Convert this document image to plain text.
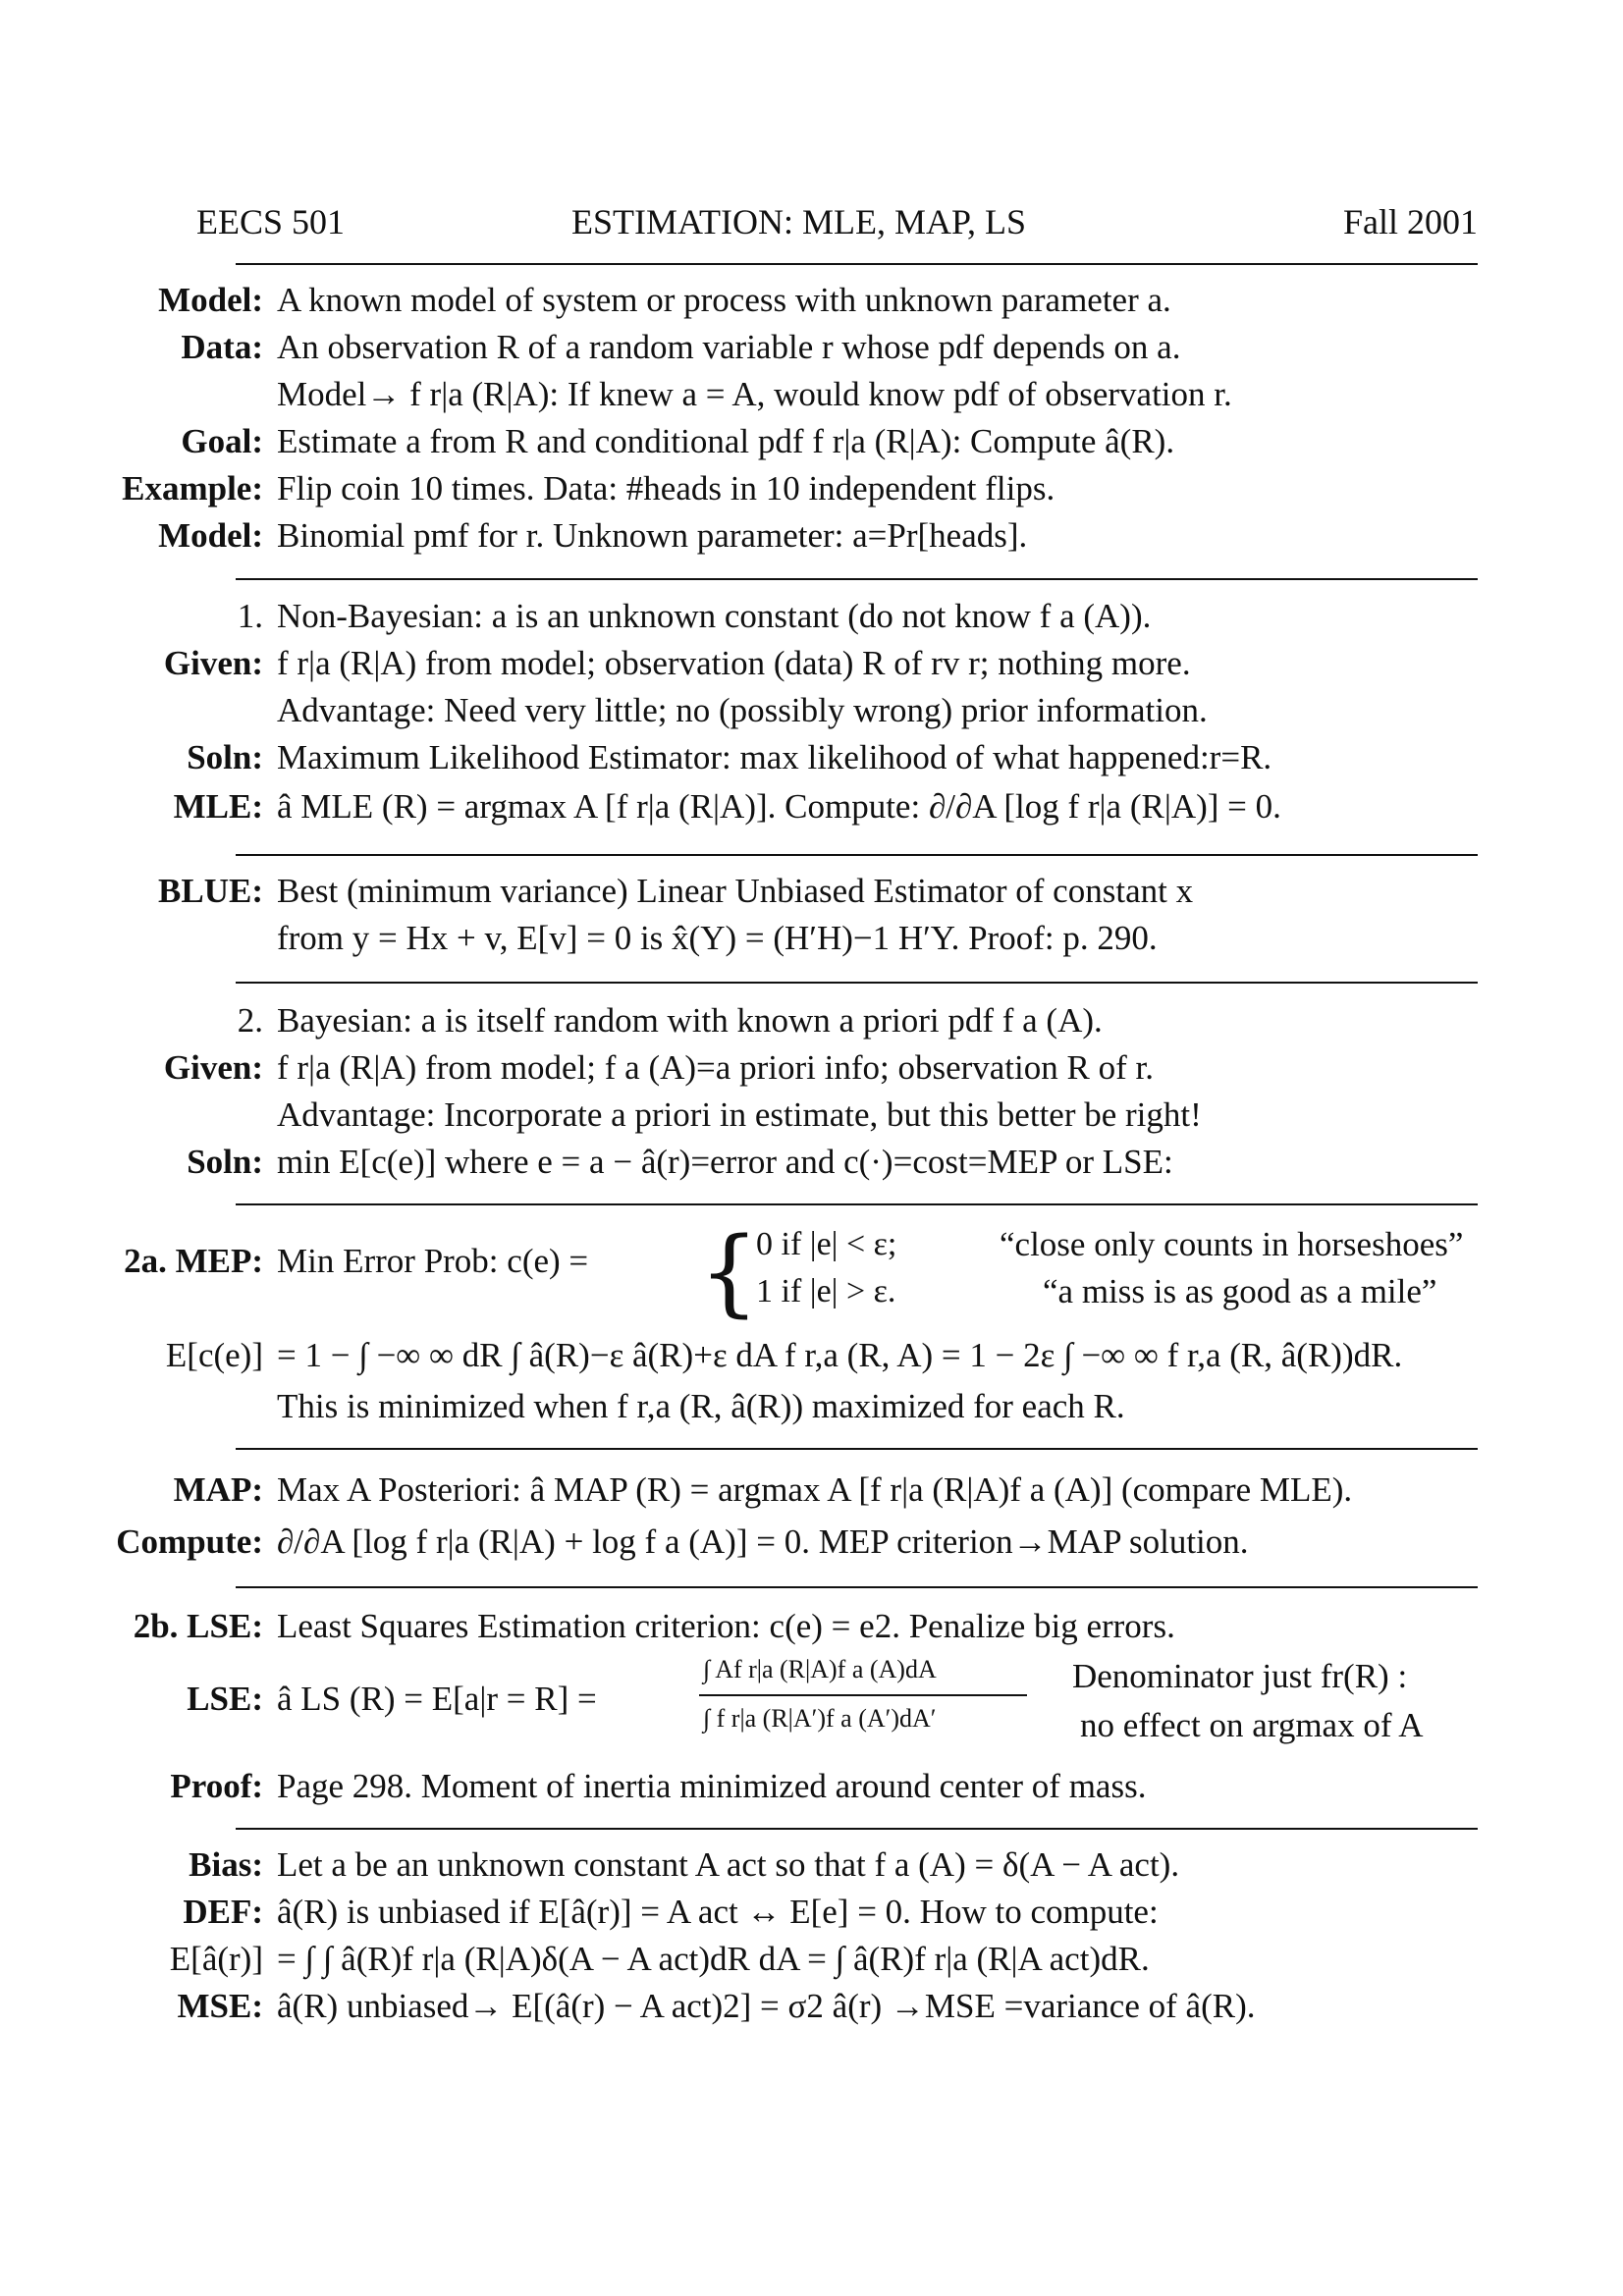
EECS 501	ESTIMATION: MLE, MAP, LS	Fall 2001
Model: A known model of system or process with unknown parameter a.
Data: An observation R of a random variable r whose pdf depends on a.
Model→ f r|a (R|A): If knew a = A, would know pdf of observation r.
Goal: Estimate a from R and conditional pdf f r|a (R|A): Compute â(R).
Example: Flip coin 10 times. Data: #heads in 10 independent flips.
Model: Binomial pmf for r. Unknown parameter: a=Pr[heads].
1. Non-Bayesian: a is an unknown constant (do not know f a (A)).
Given: f r|a (R|A) from model; observation (data) R of rv r; nothing more.
Advantage: Need very little; no (possibly wrong) prior information.
Soln: Maximum Likelihood Estimator: max likelihood of what happened:r=R.
MLE: â MLE (R) = argmax A [f r|a (R|A)]. Compute: ∂/∂A [log f r|a (R|A)] = 0.
BLUE: Best (minimum variance) Linear Unbiased Estimator of constant x
from y = Hx + v, E[v] = 0 is x̂(Y) = (H′H)−1 H′Y. Proof: p. 290.
2. Bayesian: a is itself random with known a priori pdf f a (A).
Given: f r|a (R|A) from model; f a (A)=a priori info; observation R of r.
Advantage: Incorporate a priori in estimate, but this better be right!
Soln: min E[c(e)] where e = a − â(r)=error and c(·)=cost=MEP or LSE:
2a. MEP: Min Error Prob: c(e) = {
0 if |e| < ε;
1 if |e| > ε.
“close only counts in horseshoes”
“a miss is as good as a mile”
E[c(e)] = 1 − ∫ −∞ ∞ dR ∫ â(R)−ε â(R)+ε dA f r,a (R, A) = 1 − 2ε ∫ −∞ ∞ f r,a (R, â(R))dR.
This is minimized when f r,a (R, â(R)) maximized for each R.
MAP: Max A Posteriori: â MAP (R) = argmax A [f r|a (R|A)f a (A)] (compare MLE).
Compute: ∂/∂A [log f r|a (R|A) + log f a (A)] = 0. MEP criterion→MAP solution.
2b. LSE: Least Squares Estimation criterion: c(e) = e2. Penalize big errors.
LSE: â LS (R) = E[a|r = R] =
∫ Af r|a (R|A)f a (A)dA
∫ f r|a (R|A′)f a (A′)dA′
Denominator just fr(R) :
no effect on argmax of A
Proof: Page 298. Moment of inertia minimized around center of mass.
Bias: Let a be an unknown constant A act so that f a (A) = δ(A − A act).
DEF: â(R) is unbiased if E[â(r)] = A act ↔ E[e] = 0. How to compute:
E[â(r)] = ∫ ∫ â(R)f r|a (R|A)δ(A − A act)dR dA = ∫ â(R)f r|a (R|A act)dR.
MSE: â(R) unbiased→ E[(â(r) − A act)2] = σ2 â(r) →MSE =variance of â(R).
